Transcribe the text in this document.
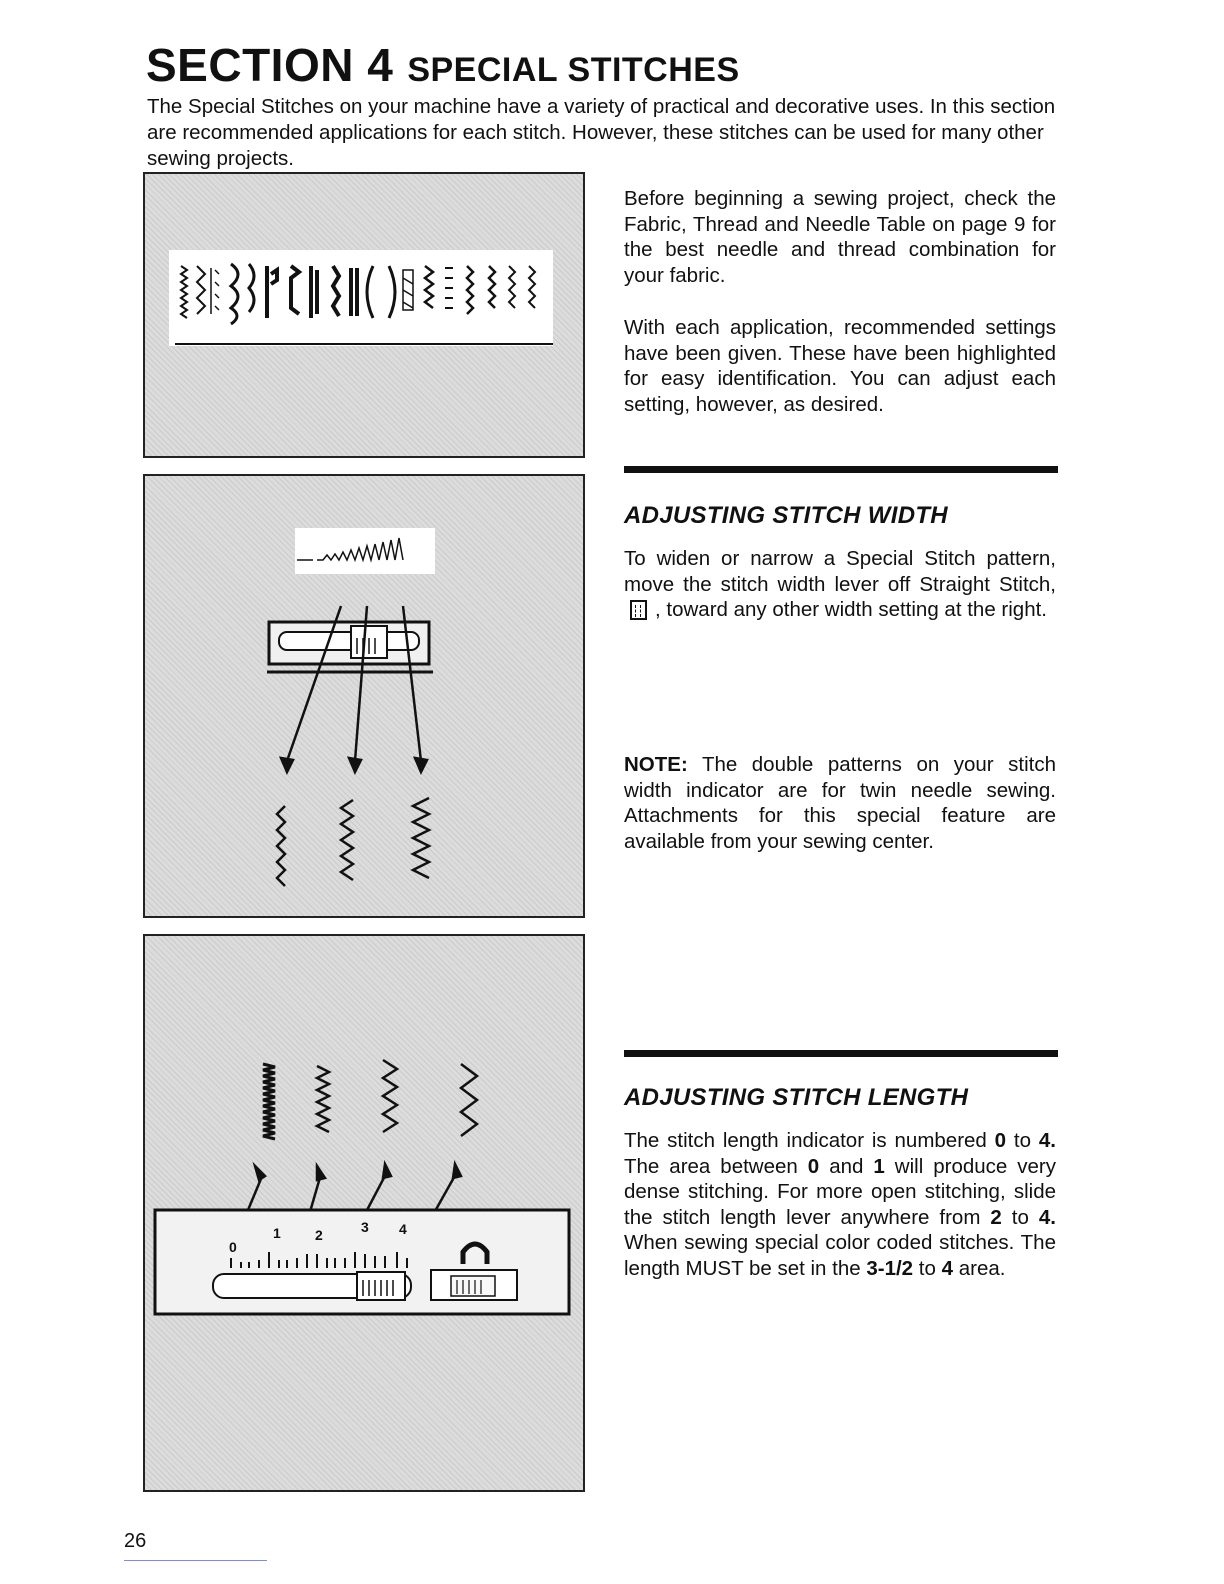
SECTION 4 SPECIAL STITCHES

The Special Stitches on your machine have a variety of practical and decorative uses. In this section are recommended applications for each stitch. However, these stitches can be used for many other sewing projects.

0
1 2	3 4

Before beginning a sewing project, check the Fabric, Thread and Needle Table on page 9 for the best needle and thread combination for your fabric.

With each application, recommended settings have been given. These have been highlighted for easy identification. You can adjust each setting, however, as desired.

ADJUSTING STITCH WIDTH

To widen or narrow a Special Stitch pattern, move the stitch width lever off Straight Stitch,, toward any other width setting at the right.

NOTE: The double patterns on your stitch width indicator are for twin needle sewing. Attachments for this special feature are available from your sewing center.

ADJUSTING STITCH LENGTH

The stitch length indicator is numbered 0 to 4. The area between 0 and 1 will produce very dense stitching. For more open stitching, slide the stitch length lever anywhere from 2 to 4. When sewing special color coded stitches. The length MUST be set in the 3-1/2 to 4 area.

26
